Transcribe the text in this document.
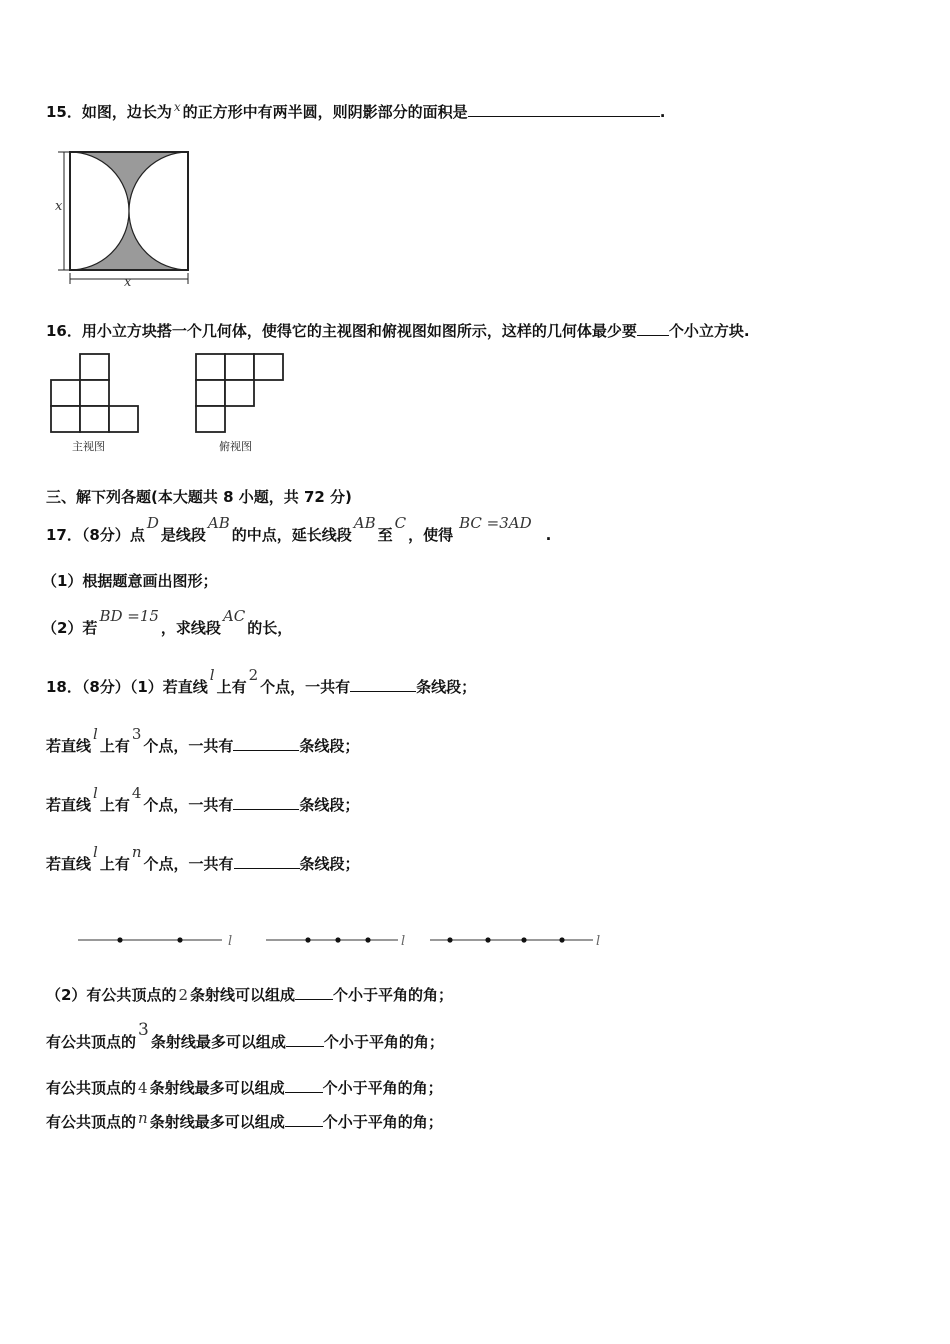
15．如图，边长为 $^x$ 的正方形中有两半圆，则阴影部分的面积是	.
x
x
16．用小立方块搭一个几何体，使得它的主视图和俯视图如图所示，这样的几何体最少要 个小立方块.
主视图	俯视图
三、解下列各题(本大题共 8 小题，共 72 分)
17．（8分）点D是线段AB的中点，延长线段AB至C，使得BC =3AD.
（1）根据题意画出图形；
（2）若BD =15，求线段AC的长，
18．（8分）（1）若直线l上有2个点，一共有	条线段；
若直线l上有3个点，一共有	条线段；
若直线l上有4个点，一共有	条线段；
若直线l上有n个点，一共有	条线段；
l	l	l
（2）有公共顶点的 2 条射线可以组成	个小于平角的角；
有公共顶点的3条射线最多可以组成	个小于平角的角；
有公共顶点的 4 条射线最多可以组成	个小于平角的角；
有公共顶点的 n 条射线最多可以组成	个小于平角的角；
